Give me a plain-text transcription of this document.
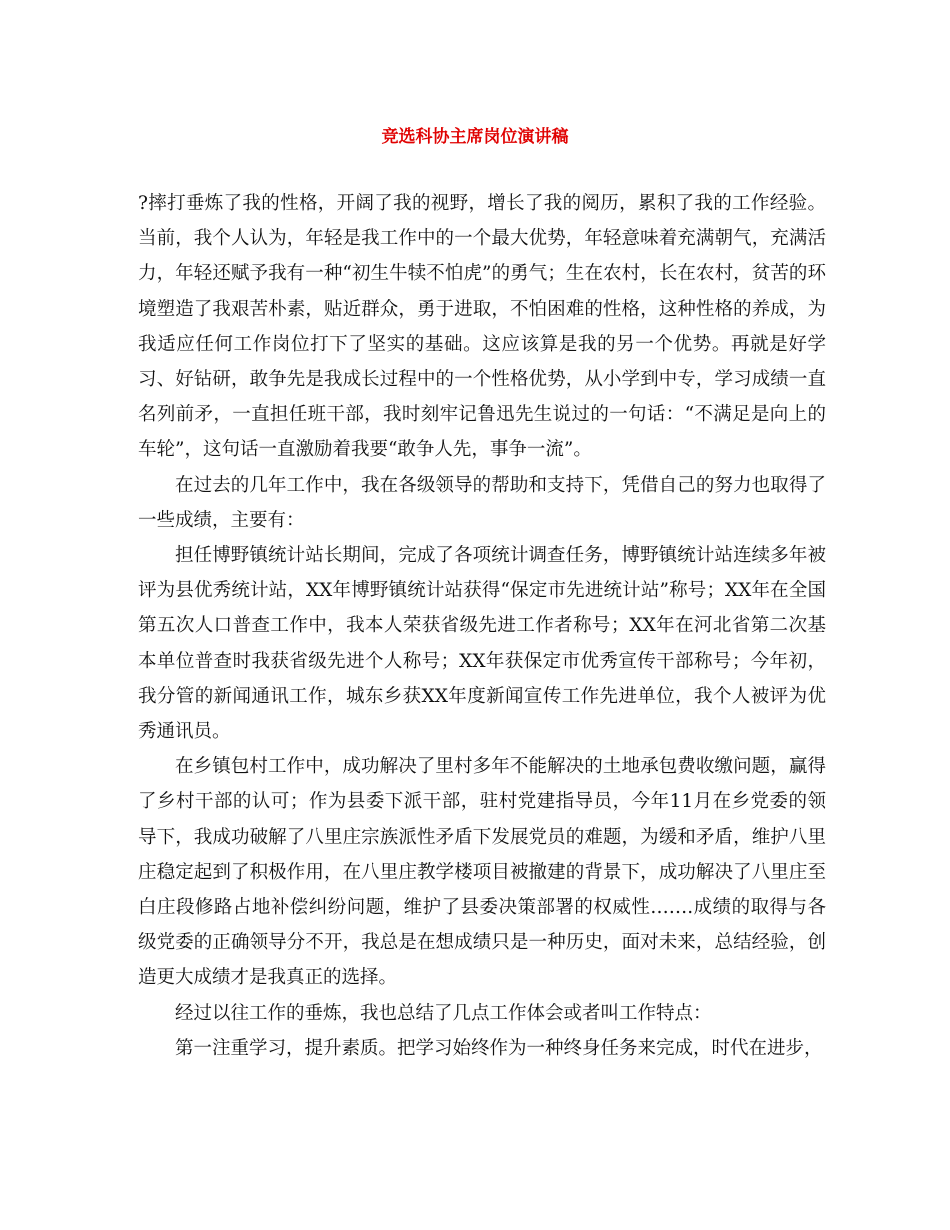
竞选科协主席岗位演讲稿

?摔打垂炼了我的性格，开阔了我的视野，增长了我的阅历，累积了我的工作经验。当前，我个人认为，年轻是我工作中的一个最大优势，年轻意味着充满朝气，充满活力，年轻还赋予我有一种“初生牛犊不怕虎”的勇气；生在农村，长在农村，贫苦的环境塑造了我艰苦朴素，贴近群众，勇于进取，不怕困难的性格，这种性格的养成，为我适应任何工作岗位打下了坚实的基础。这应该算是我的另一个优势。再就是好学习、好钻研，敢争先是我成长过程中的一个性格优势，从小学到中专，学习成绩一直名列前矛，一直担任班干部，我时刻牢记鲁迅先生说过的一句话：“不满足是向上的车轮”，这句话一直激励着我要“敢争人先，事争一流”。

在过去的几年工作中，我在各级领导的帮助和支持下，凭借自己的努力也取得了一些成绩，主要有：

担任博野镇统计站长期间，完成了各项统计调查任务，博野镇统计站连续多年被评为县优秀统计站，XX年博野镇统计站获得“保定市先进统计站”称号；XX年在全国第五次人口普查工作中，我本人荣获省级先进工作者称号；XX年在河北省第二次基本单位普查时我获省级先进个人称号；XX年获保定市优秀宣传干部称号；今年初，我分管的新闻通讯工作，城东乡获XX年度新闻宣传工作先进单位，我个人被评为优秀通讯员。

在乡镇包村工作中，成功解决了里村多年不能解决的土地承包费收缴问题，赢得了乡村干部的认可；作为县委下派干部，驻村党建指导员，今年11月在乡党委的领导下，我成功破解了八里庄宗族派性矛盾下发展党员的难题，为缓和矛盾，维护八里庄稳定起到了积极作用，在八里庄教学楼项目被撤建的背景下，成功解决了八里庄至白庄段修路占地补偿纠纷问题，维护了县委决策部署的权威性…….成绩的取得与各级党委的正确领导分不开，我总是在想成绩只是一种历史，面对未来，总结经验，创造更大成绩才是我真正的选择。

经过以往工作的垂炼，我也总结了几点工作体会或者叫工作特点：

第一注重学习，提升素质。把学习始终作为一种终身任务来完成，时代在进步，
